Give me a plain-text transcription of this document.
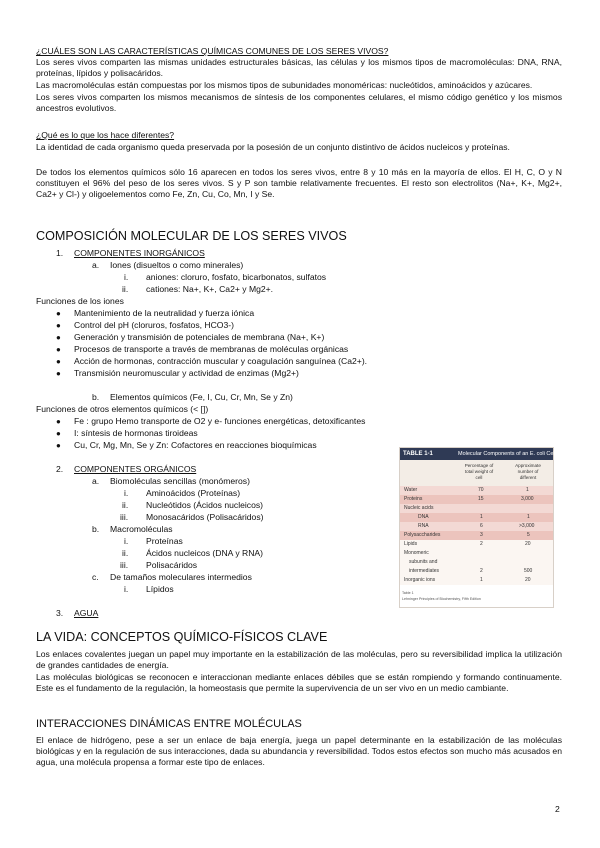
¿CUÁLES SON LAS CARACTERÍSTICAS QUÍMICAS COMUNES DE LOS SERES VIVOS?
Los seres vivos comparten las mismas unidades estructurales básicas, las células y los mismos tipos de macromoléculas: DNA, RNA, proteínas, lípidos y polisacáridos.
Las macromoléculas están compuestas por los mismos tipos de subunidades monoméricas: nucleótidos, aminoácidos y azúcares.
Los seres vivos comparten los mismos mecanismos de síntesis de los componentes celulares, el mismo código genético y los mismos ancestros evolutivos.
¿Qué es lo que los hace diferentes?
La identidad de cada organismo queda preservada por la posesión de un conjunto distintivo de ácidos nucleicos y proteínas.
De todos los elementos químicos sólo 16 aparecen en todos los seres vivos, entre 8 y 10 más en la mayoría de ellos. El H, C, O y N constituyen el 96% del peso de los seres vivos. S y P son tambie relativamente frecuentes. El resto son electrolitos (Na+, K+, Mg2+, Ca2+ y Cl-) y oligoelementos como Fe, Zn, Cu, Co, Mn, I y Se.
COMPOSICIÓN MOLECULAR DE LOS SERES VIVOS
1. COMPONENTES INORGÁNICOS
a. Iones (disueltos o como minerales)
i. aniones: cloruro, fosfato, bicarbonatos, sulfatos
ii. cationes: Na+, K+, Ca2+ y Mg2+.
Funciones de los iones
● Mantenimiento de la neutralidad y fuerza iónica
● Control del pH (cloruros, fosfatos, HCO3-)
● Generación y transmisión de potenciales de membrana (Na+, K+)
● Procesos de transporte a través de membranas de moléculas orgánicas
● Acción de hormonas, contracción muscular y coagulación sanguínea (Ca2+).
● Transmisión neuromuscular y actividad de enzimas (Mg2+)
b. Elementos químicos (Fe, I, Cu, Cr, Mn, Se y Zn)
Funciones de otros elementos químicos (< [])
● Fe : grupo Hemo transporte de O2 y e- funciones energéticas, detoxificantes
● I: síntesis de hormonas tiroideas
● Cu, Cr, Mg, Mn, Se y Zn: Cofactores en reacciones bioquímicas
2. COMPONENTES ORGÁNICOS
a. Biomoléculas sencillas (monómeros)
i. Aminoácidos (Proteínas)
ii. Nucleótidos (Ácidos nucleicos)
iii. Monosacáridos (Polisacáridos)
b. Macromoléculas
i. Proteínas
ii. Ácidos nucleicos (DNA y RNA)
iii. Polisacáridos
c. De tamaños moleculares intermedios
i. Lípidos
3. AGUA
TABLE 1-1	Molecular Components of an E. coli Cell
Percentage of total weight of cell
Approximate number of different
Water	70	1
Proteins	15	3,000
Nucleic acids
DNA	1	1
RNA	6	>3,000
Polysaccharides	3	5
Lipids	2	20
Monomeric
subunits and
intermediates	2	500
Inorganic ions	1	20
Table 1
Lehninger Principles of Biochemistry, Fifth Edition
LA VIDA: CONCEPTOS QUÍMICO-FÍSICOS CLAVE
Los enlaces covalentes juegan un papel muy importante en la estabilización de las moléculas, pero su reversibilidad implica la utilización de grandes cantidades de energía.
Las moléculas biológicas se reconocen e interaccionan mediante enlaces débiles que se están rompiendo y formando continuamente. Este es el fundamento de la regulación, la homeostasis que permite la supervivencia de un ser vivo en un medio cambiante.
INTERACCIONES DINÁMICAS ENTRE MOLÉCULAS
El enlace de hidrógeno, pese a ser un enlace de baja energía, juega un papel determinante en la estabilización de las moléculas biológicas y en la regulación de sus interacciones, dada su abundancia y reversibilidad. Todos estos efectos son mucho más acusados en agua, una molécula propensa a formar este tipo de enlaces.
2
